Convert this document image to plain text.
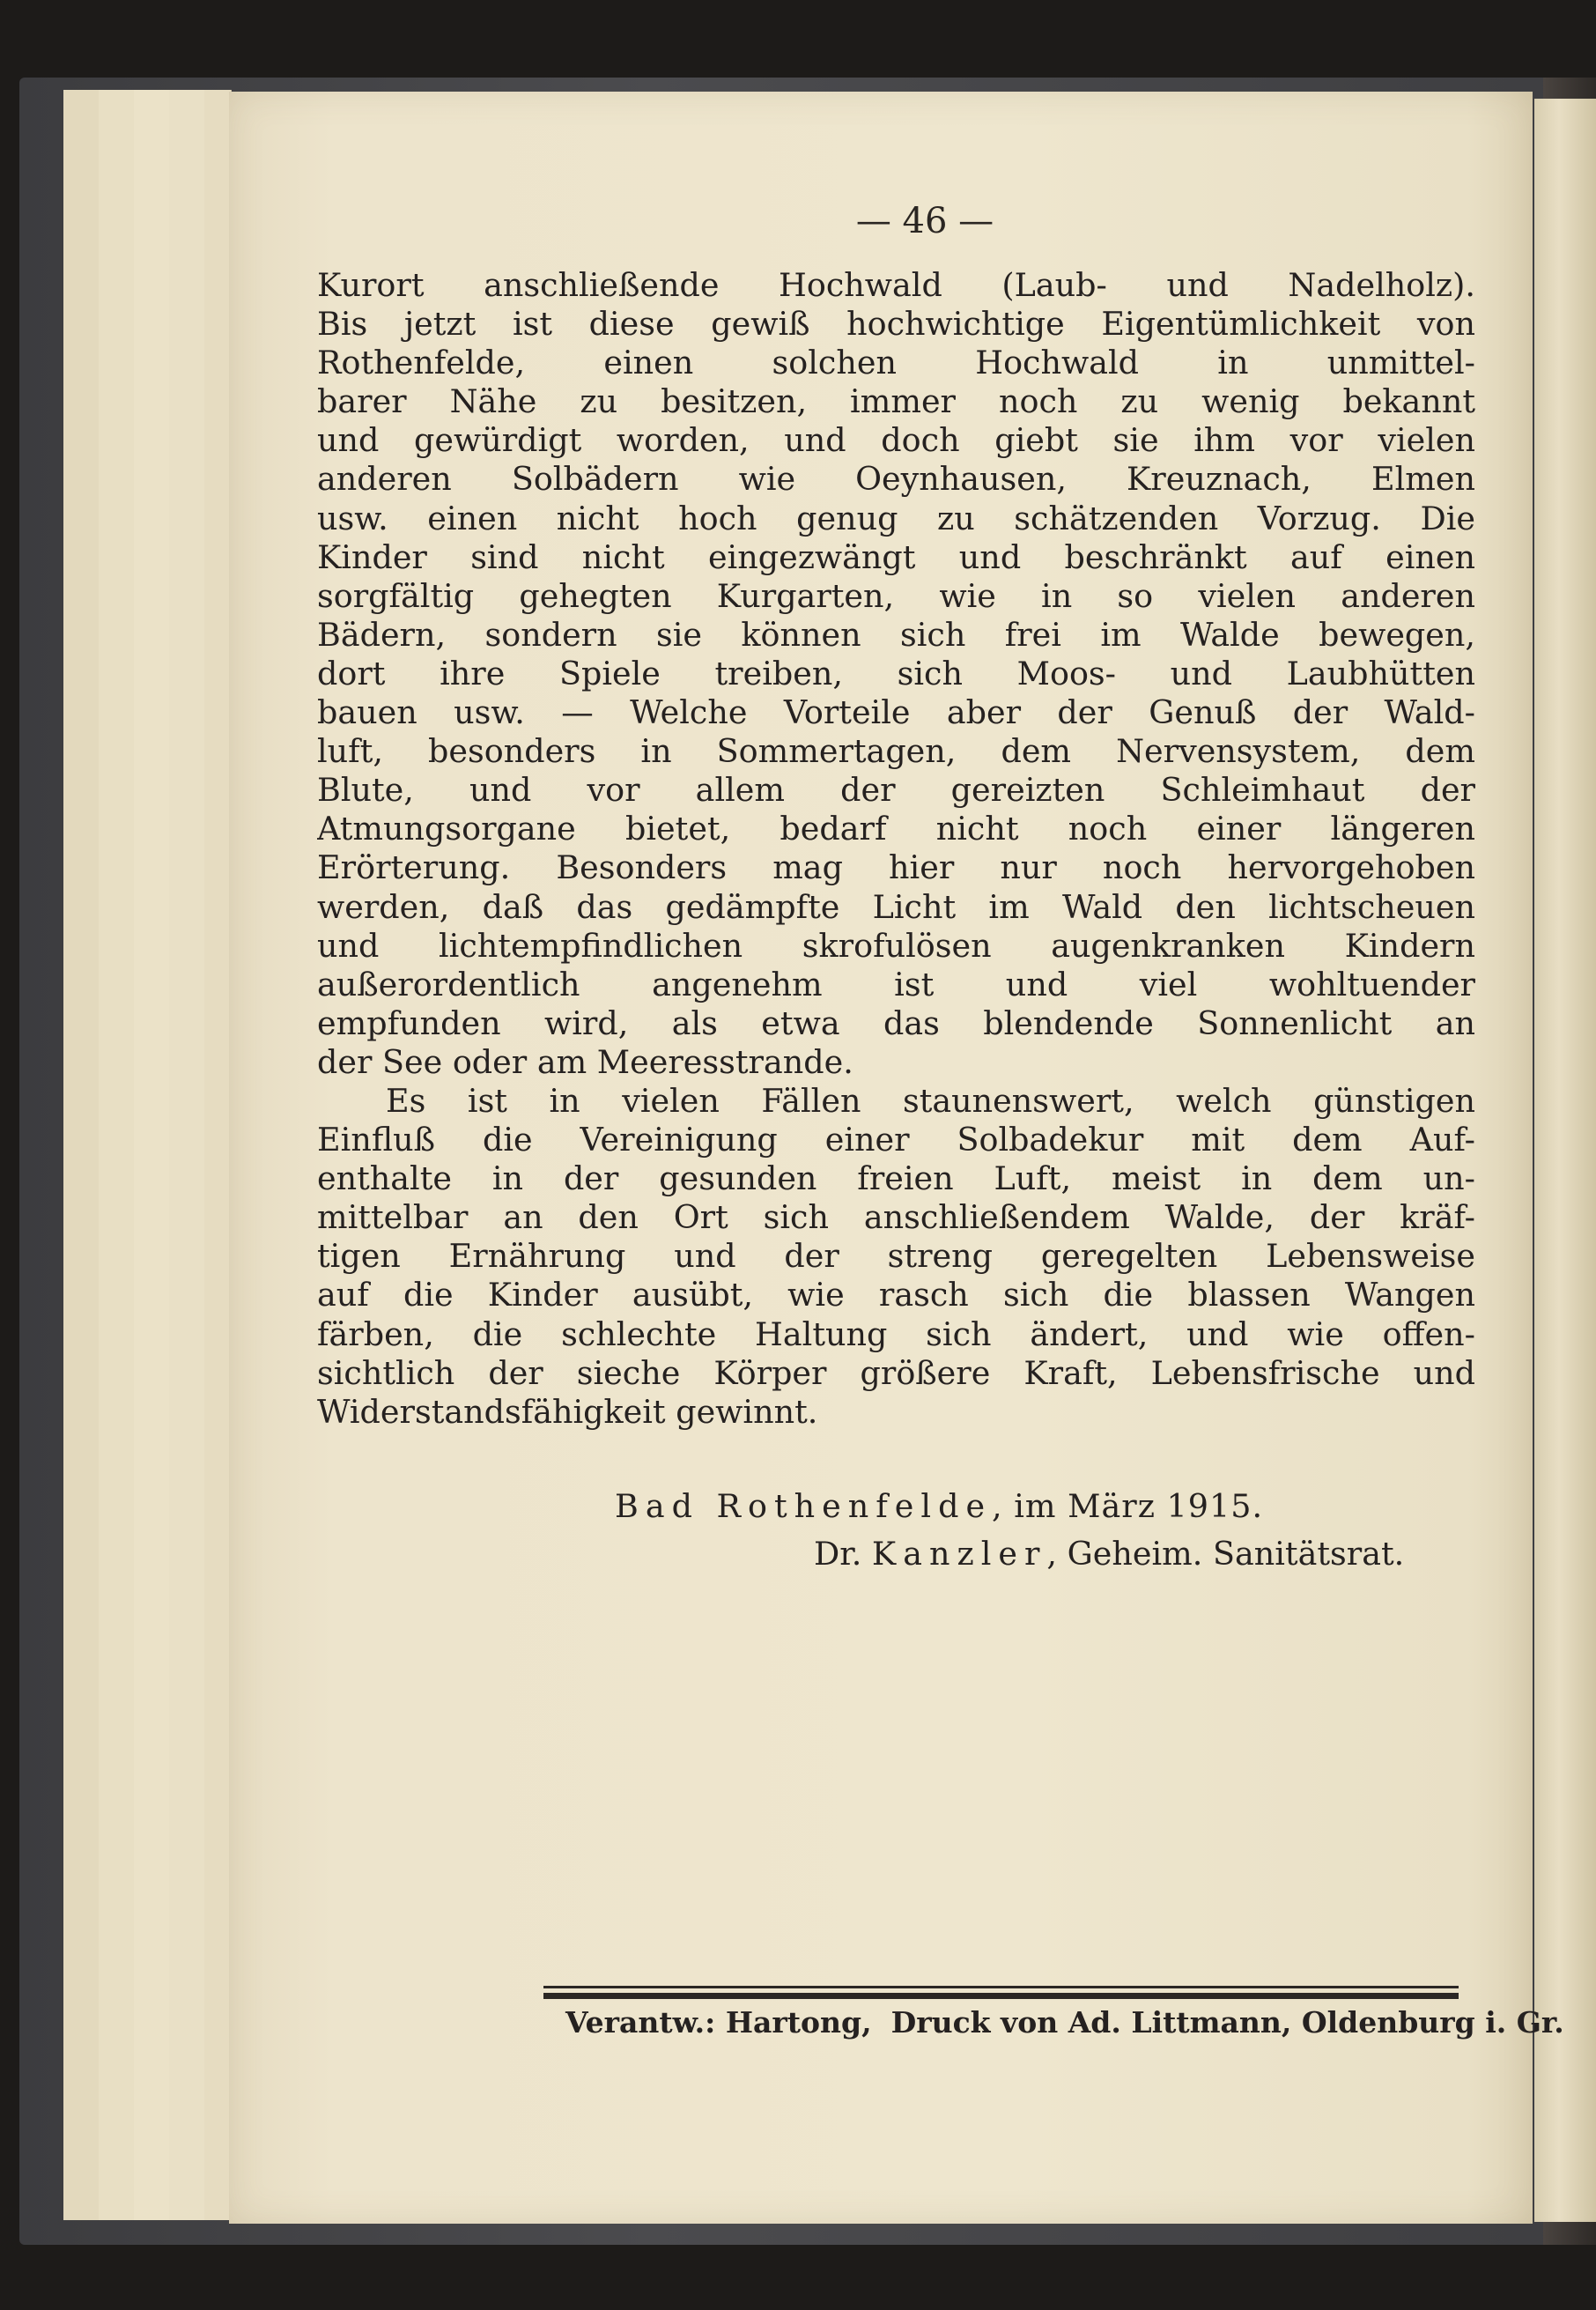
— 46 —
Kurort anschließende Hochwald (Laub- und Nadelholz).
Bis jetzt ist diese gewiß hochwichtige Eigentümlichkeit von
Rothenfelde, einen solchen Hochwald in unmittel-
barer Nähe zu besitzen, immer noch zu wenig bekannt
und gewürdigt worden, und doch giebt sie ihm vor vielen
anderen Solbädern wie Oeynhausen, Kreuznach, Elmen
usw. einen nicht hoch genug zu schätzenden Vorzug. Die
Kinder sind nicht eingezwängt und beschränkt auf einen
sorgfältig gehegten Kurgarten, wie in so vielen anderen
Bädern, sondern sie können sich frei im Walde bewegen,
dort ihre Spiele treiben, sich Moos- und Laubhütten
bauen usw. — Welche Vorteile aber der Genuß der Wald-
luft, besonders in Sommertagen, dem Nervensystem, dem
Blute, und vor allem der gereizten Schleimhaut der
Atmungsorgane bietet, bedarf nicht noch einer längeren
Erörterung. Besonders mag hier nur noch hervorgehoben
werden, daß das gedämpfte Licht im Wald den lichtscheuen
und lichtempfindlichen skrofulösen augenkranken Kindern
außerordentlich angenehm ist und viel wohltuender
empfunden wird, als etwa das blendende Sonnenlicht an
der See oder am Meeresstrande.
Es ist in vielen Fällen staunenswert, welch günstigen
Einfluß die Vereinigung einer Solbadekur mit dem Auf-
enthalte in der gesunden freien Luft, meist in dem un-
mittelbar an den Ort sich anschließendem Walde, der kräf-
tigen Ernährung und der streng geregelten Lebensweise
auf die Kinder ausübt, wie rasch sich die blassen Wangen
färben, die schlechte Haltung sich ändert, und wie offen-
sichtlich der sieche Körper größere Kraft, Lebensfrische und
Widerstandsfähigkeit gewinnt.
Bad Rothenfelde, im März 1915.
Dr. Kanzler, Geheim. Sanitätsrat.
Verantw.: Hartong, Druck von Ad. Littmann, Oldenburg i. Gr.
